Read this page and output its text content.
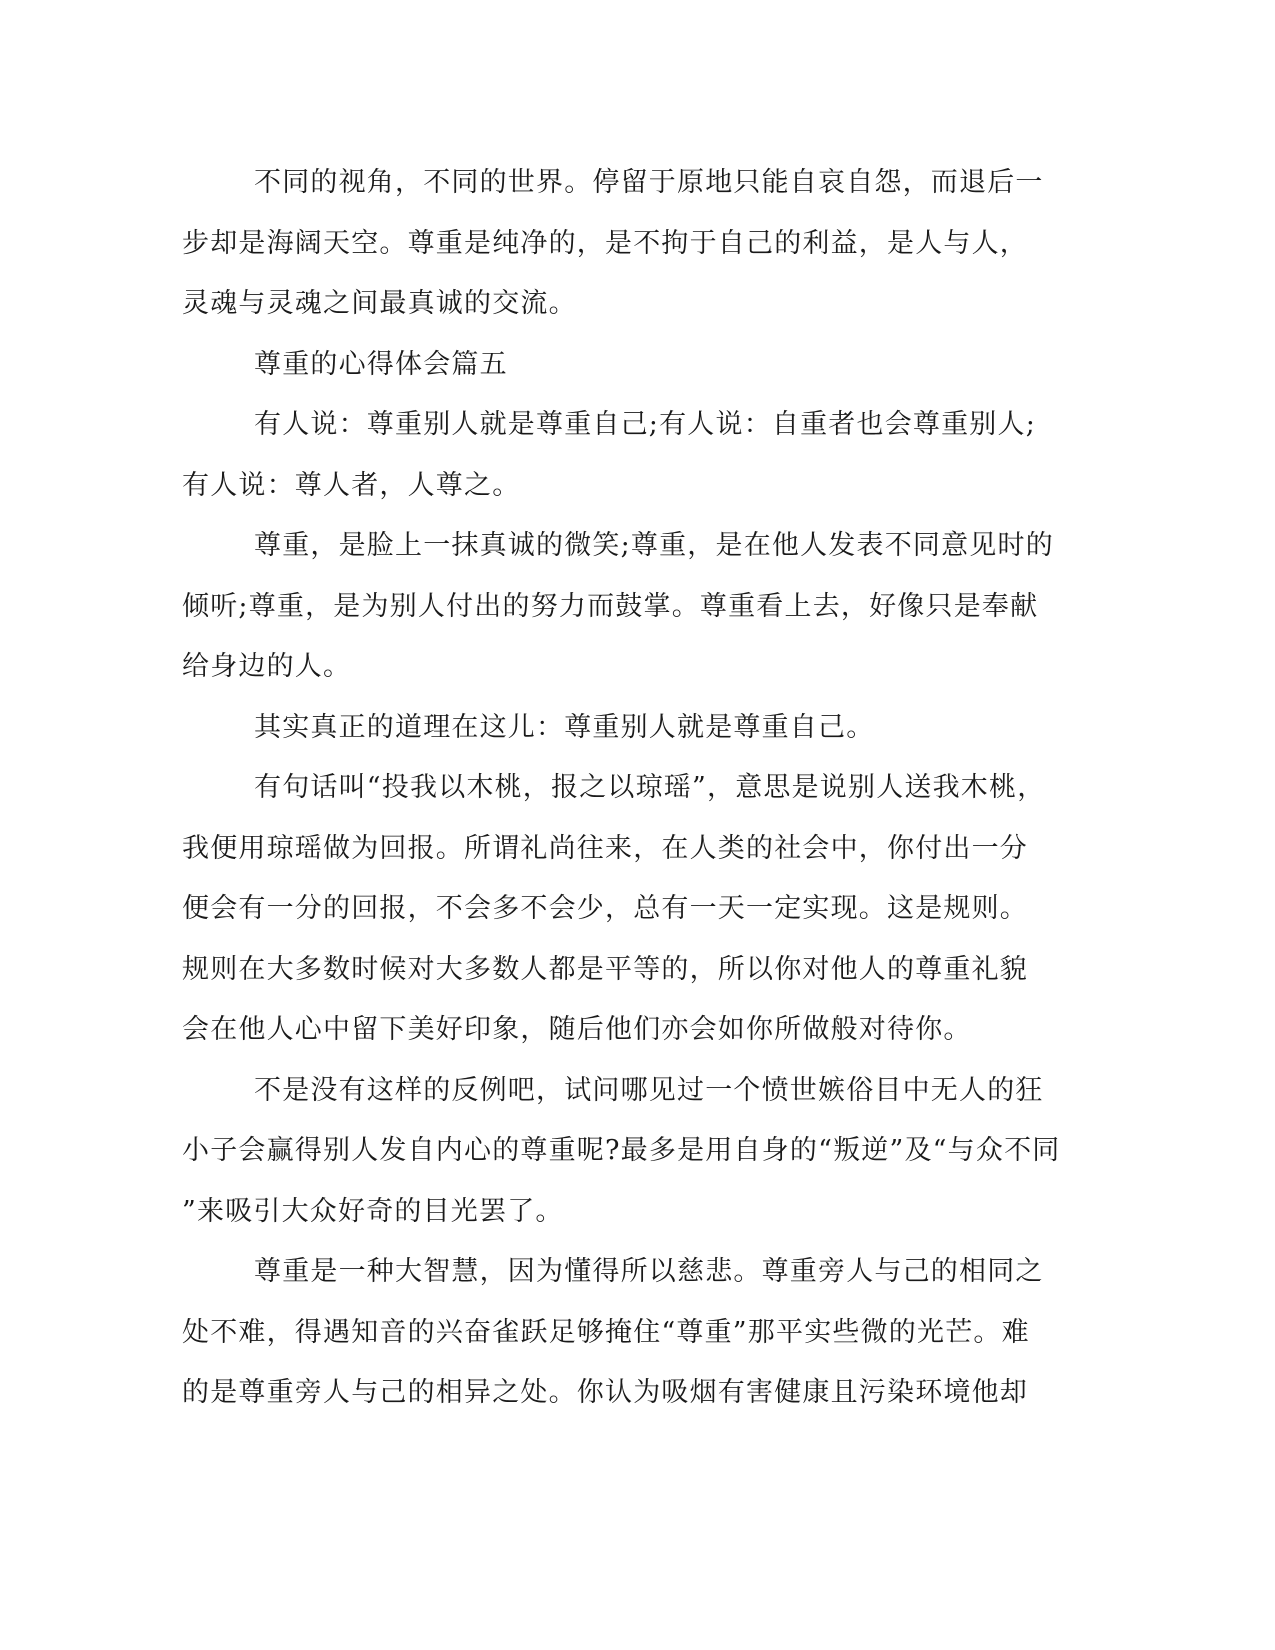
不同的视角，不同的世界。停留于原地只能自哀自怨，而退后一
步却是海阔天空。尊重是纯净的，是不拘于自己的利益，是人与人，
灵魂与灵魂之间最真诚的交流。
尊重的心得体会篇五
有人说：尊重别人就是尊重自己;有人说：自重者也会尊重别人;
有人说：尊人者，人尊之。
尊重，是脸上一抹真诚的微笑;尊重，是在他人发表不同意见时的
倾听;尊重，是为别人付出的努力而鼓掌。尊重看上去，好像只是奉献
给身边的人。
其实真正的道理在这儿：尊重别人就是尊重自己。
有句话叫“投我以木桃，报之以琼瑶”，意思是说别人送我木桃，
我便用琼瑶做为回报。所谓礼尚往来，在人类的社会中，你付出一分
便会有一分的回报，不会多不会少，总有一天一定实现。这是规则。
规则在大多数时候对大多数人都是平等的，所以你对他人的尊重礼貌
会在他人心中留下美好印象，随后他们亦会如你所做般对待你。
不是没有这样的反例吧，试问哪见过一个愤世嫉俗目中无人的狂
小子会赢得别人发自内心的尊重呢?最多是用自身的“叛逆”及“与众不同
”来吸引大众好奇的目光罢了。
尊重是一种大智慧，因为懂得所以慈悲。尊重旁人与己的相同之
处不难，得遇知音的兴奋雀跃足够掩住“尊重”那平实些微的光芒。难
的是尊重旁人与己的相异之处。你认为吸烟有害健康且污染环境他却
